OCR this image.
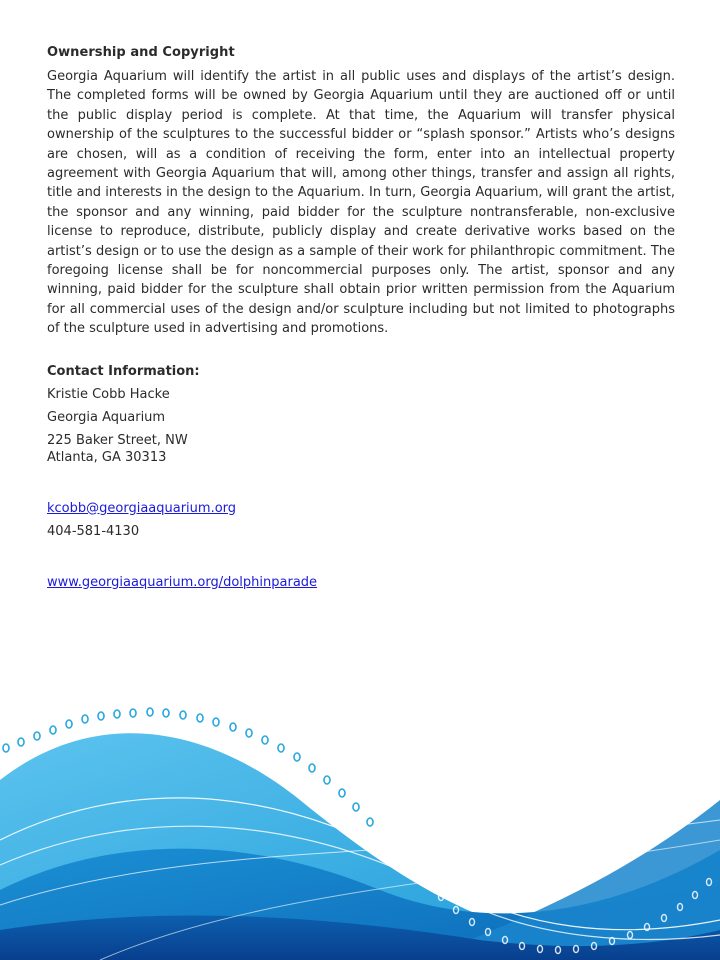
Ownership and Copyright

Georgia Aquarium will identify the artist in all public uses and displays of the artist’s design. The completed forms will be owned by Georgia Aquarium until they are auctioned off or until the public display period is complete. At that time, the Aquarium will transfer physical ownership of the sculptures to the successful bidder or “splash sponsor.” Artists who’s designs are chosen, will as a condition of receiving the form, enter into an intellectual property agreement with Georgia Aquarium that will, among other things, transfer and assign all rights, title and interests in the design to the Aquarium. In turn, Georgia Aquarium, will grant the artist, the sponsor and any winning, paid bidder for the sculpture nontransferable, non-exclusive license to reproduce, distribute, publicly display and create derivative works based on the artist’s design or to use the design as a sample of their work for philanthropic commitment. The foregoing license shall be for noncommercial purposes only. The artist, sponsor and any winning, paid bidder for the sculpture shall obtain prior written permission from the Aquarium for all commercial uses of the design and/or sculpture including but not limited to photographs of the sculpture used in advertising and promotions.

Contact Information:

Kristie Cobb Hacke

Georgia Aquarium

225 Baker Street, NW

Atlanta, GA 30313

kcobb@georgiaaquarium.org

404-581-4130

www.georgiaaquarium.org/dolphinparade
